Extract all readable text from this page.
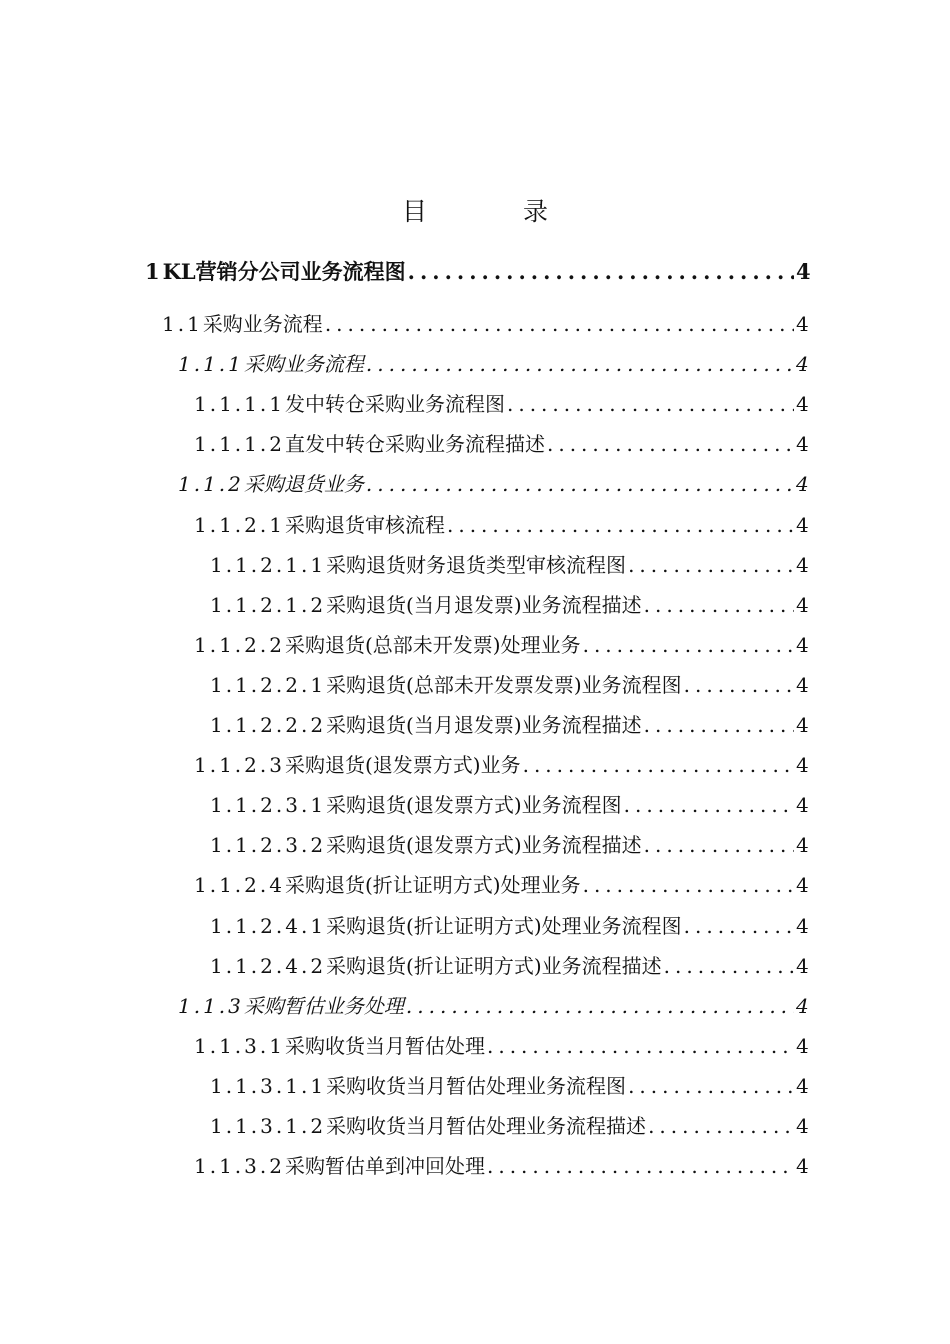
目 录
1 KL营销分公司业务流程图 .....	4
1.1 采购业务流程 .....	4
1.1.1 采购业务流程 .....	4
1.1.1.1 发中转仓采购业务流程图 .....	4
1.1.1.2 直发中转仓采购业务流程描述 .....	4
1.1.2 采购退货业务 .....	4
1.1.2.1 采购退货审核流程 .....	4
1.1.2.1.1 采购退货财务退货类型审核流程图 .....	4
1.1.2.1.2 采购退货(当月退发票)业务流程描述 .....	4
1.1.2.2 采购退货(总部未开发票)处理业务 .....	4
1.1.2.2.1 采购退货(总部未开发票发票)业务流程图 .....	4
1.1.2.2.2 采购退货(当月退发票)业务流程描述 .....	4
1.1.2.3 采购退货(退发票方式)业务 .....	4
1.1.2.3.1 采购退货(退发票方式)业务流程图 .....	4
1.1.2.3.2 采购退货(退发票方式)业务流程描述 .....	4
1.1.2.4 采购退货(折让证明方式)处理业务 .....	4
1.1.2.4.1 采购退货(折让证明方式)处理业务流程图 .....	4
1.1.2.4.2 采购退货(折让证明方式)业务流程描述 .....	4
1.1.3 采购暂估业务处理 .....	4
1.1.3.1 采购收货当月暂估处理 .....	4
1.1.3.1.1 采购收货当月暂估处理业务流程图 .....	4
1.1.3.1.2 采购收货当月暂估处理业务流程描述 .....	4
1.1.3.2 采购暂估单到冲回处理 .....	4
